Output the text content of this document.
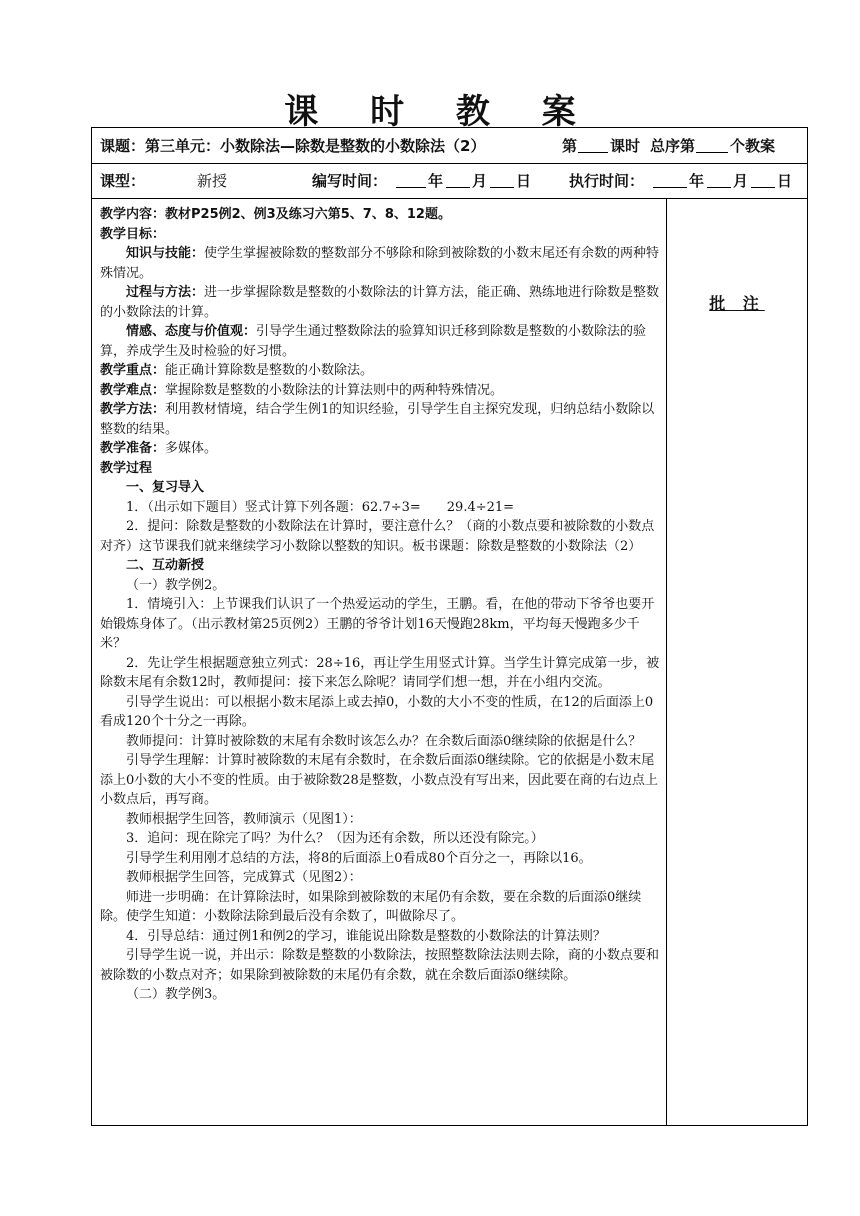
课 时 教 案
课题： 第三单元：小数除法—除数是整数的小数除法（2）	第 课时 总序第 个教案
课型：	新授	编写时间：	年 月 日	执行时间：	年 月 日

教学内容：教材P25例2、例3及练习六第5、7、8、12题。

教学目标：

知识与技能：使学生掌握被除数的整数部分不够除和除到被除数的小数末尾还有余数的两种特殊情况。

过程与方法：进一步掌握除数是整数的小数除法的计算方法，能正确、熟练地进行除数是整数的小数除法的计算。

情感、态度与价值观：引导学生通过整数除法的验算知识迁移到除数是整数的小数除法的验算，养成学生及时检验的好习惯。

教学重点：能正确计算除数是整数的小数除法。

教学难点：掌握除数是整数的小数除法的计算法则中的两种特殊情况。

教学方法：利用教材情境，结合学生例1的知识经验，引导学生自主探究发现，归纳总结小数除以整数的结果。

教学准备：多媒体。

教学过程

一、复习导入

1．（出示如下题目）竖式计算下列各题：62.7÷3=　　29.4÷21=

2．提问：除数是整数的小数除法在计算时，要注意什么？（商的小数点要和被除数的小数点对齐）这节课我们就来继续学习小数除以整数的知识。板书课题：除数是整数的小数除法（2）

二、互动新授

（一）教学例2。

1．情境引入：上节课我们认识了一个热爱运动的学生，王鹏。看，在他的带动下爷爷也要开始锻炼身体了。（出示教材第25页例2）王鹏的爷爷计划16天慢跑28km，平均每天慢跑多少千米？

2．先让学生根据题意独立列式：28÷16，再让学生用竖式计算。当学生计算完成第一步，被除数末尾有余数12时，教师提问：接下来怎么除呢？请同学们想一想，并在小组内交流。

引导学生说出：可以根据小数末尾添上或去掉0，小数的大小不变的性质，在12的后面添上0看成120个十分之一再除。

教师提问：计算时被除数的末尾有余数时该怎么办？在余数后面添0继续除的依据是什么？

引导学生理解：计算时被除数的末尾有余数时，在余数后面添0继续除。它的依据是小数末尾添上0小数的大小不变的性质。由于被除数28是整数，小数点没有写出来，因此要在商的右边点上小数点后，再写商。

教师根据学生回答，教师演示（见图1）：

3．追问：现在除完了吗？为什么？（因为还有余数，所以还没有除完。）

引导学生利用刚才总结的方法，将8的后面添上0看成80个百分之一，再除以16。

教师根据学生回答，完成算式（见图2）：

师进一步明确：在计算除法时，如果除到被除数的末尾仍有余数，要在余数的后面添0继续除。使学生知道：小数除法除到最后没有余数了，叫做除尽了。

4．引导总结：通过例1和例2的学习，谁能说出除数是整数的小数除法的计算法则？

引导学生说一说，并出示：除数是整数的小数除法，按照整数除法法则去除，商的小数点要和被除数的小数点对齐；如果除到被除数的末尾仍有余数，就在余数后面添0继续除。

（二）教学例3。

批 注
